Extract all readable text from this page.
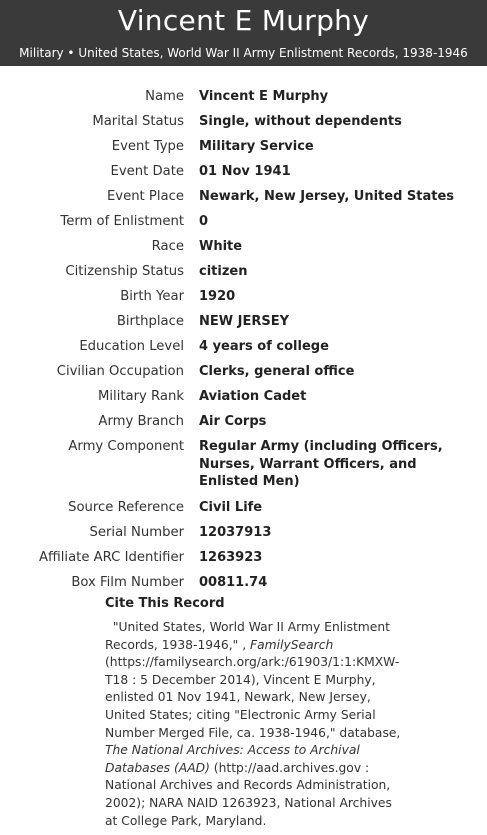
Vincent E Murphy
Military • United States, World War II Army Enlistment Records, 1938-1946
Name Vincent E Murphy
Marital Status Single, without dependents
Event Type Military Service
Event Date 01 Nov 1941
Event Place Newark, New Jersey, United States
Term of Enlistment 0
Race White
Citizenship Status citizen
Birth Year 1920
Birthplace NEW JERSEY
Education Level 4 years of college
Civilian Occupation Clerks, general office
Military Rank Aviation Cadet
Army Branch Air Corps
Army Component Regular Army (including Officers, Nurses, Warrant Officers, and Enlisted Men)
Source Reference Civil Life
Serial Number 12037913
Affiliate ARC Identifier 1263923
Box Film Number 00811.74
Cite This Record
"United States, World War II Army Enlistment Records, 1938-1946," , FamilySearch (https://familysearch.org/ark:/61903/1:1:KMXW-T18 : 5 December 2014), Vincent E Murphy, enlisted 01 Nov 1941, Newark, New Jersey, United States; citing "Electronic Army Serial Number Merged File, ca. 1938-1946," database, The National Archives: Access to Archival Databases (AAD) (http://aad.archives.gov : National Archives and Records Administration, 2002); NARA NAID 1263923, National Archives at College Park, Maryland.
